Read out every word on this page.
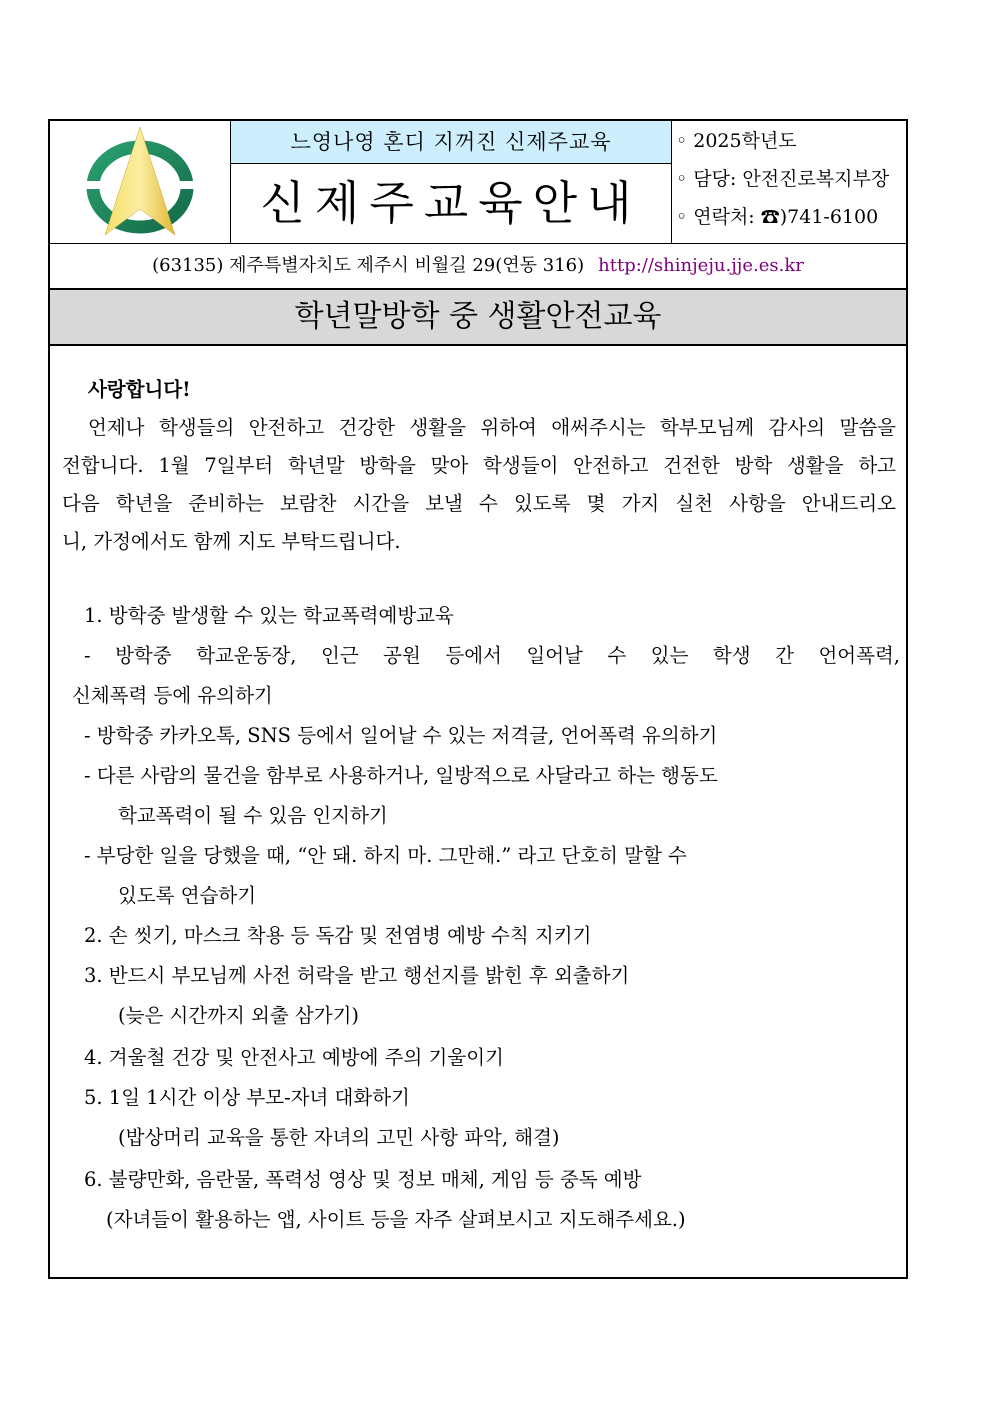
느영나영 혼디 지꺼진 신제주교육
신제주교육안내
◦ 2025학년도
◦ 담당: 안전진로복지부장
◦ 연락처: ☎)741-6100
(63135) 제주특별자치도 제주시 비월길 29(연동 316) http://shinjeju.jje.es.kr
학년말방학 중 생활안전교육
사랑합니다!
언제나 학생들의 안전하고 건강한 생활을 위하여 애써주시는 학부모님께 감사의 말씀을
전합니다. 1월 7일부터 학년말 방학을 맞아 학생들이 안전하고 건전한 방학 생활을 하고
다음 학년을 준비하는 보람찬 시간을 보낼 수 있도록 몇 가지 실천 사항을 안내드리오
니, 가정에서도 함께 지도 부탁드립니다.
1. 방학중 발생할 수 있는 학교폭력예방교육
- 방학중 학교운동장, 인근 공원 등에서 일어날 수 있는 학생 간 언어폭력,
신체폭력 등에 유의하기
- 방학중 카카오톡, SNS 등에서 일어날 수 있는 저격글, 언어폭력 유의하기
- 다른 사람의 물건을 함부로 사용하거나, 일방적으로 사달라고 하는 행동도
학교폭력이 될 수 있음 인지하기
- 부당한 일을 당했을 때, “안 돼. 하지 마. 그만해.” 라고 단호히 말할 수
있도록 연습하기
2. 손 씻기, 마스크 착용 등 독감 및 전염병 예방 수칙 지키기
3. 반드시 부모님께 사전 허락을 받고 행선지를 밝힌 후 외출하기
(늦은 시간까지 외출 삼가기)
4. 겨울철 건강 및 안전사고 예방에 주의 기울이기
5. 1일 1시간 이상 부모-자녀 대화하기
(밥상머리 교육을 통한 자녀의 고민 사항 파악, 해결)
6. 불량만화, 음란물, 폭력성 영상 및 정보 매체, 게임 등 중독 예방
(자녀들이 활용하는 앱, 사이트 등을 자주 살펴보시고 지도해주세요.)
